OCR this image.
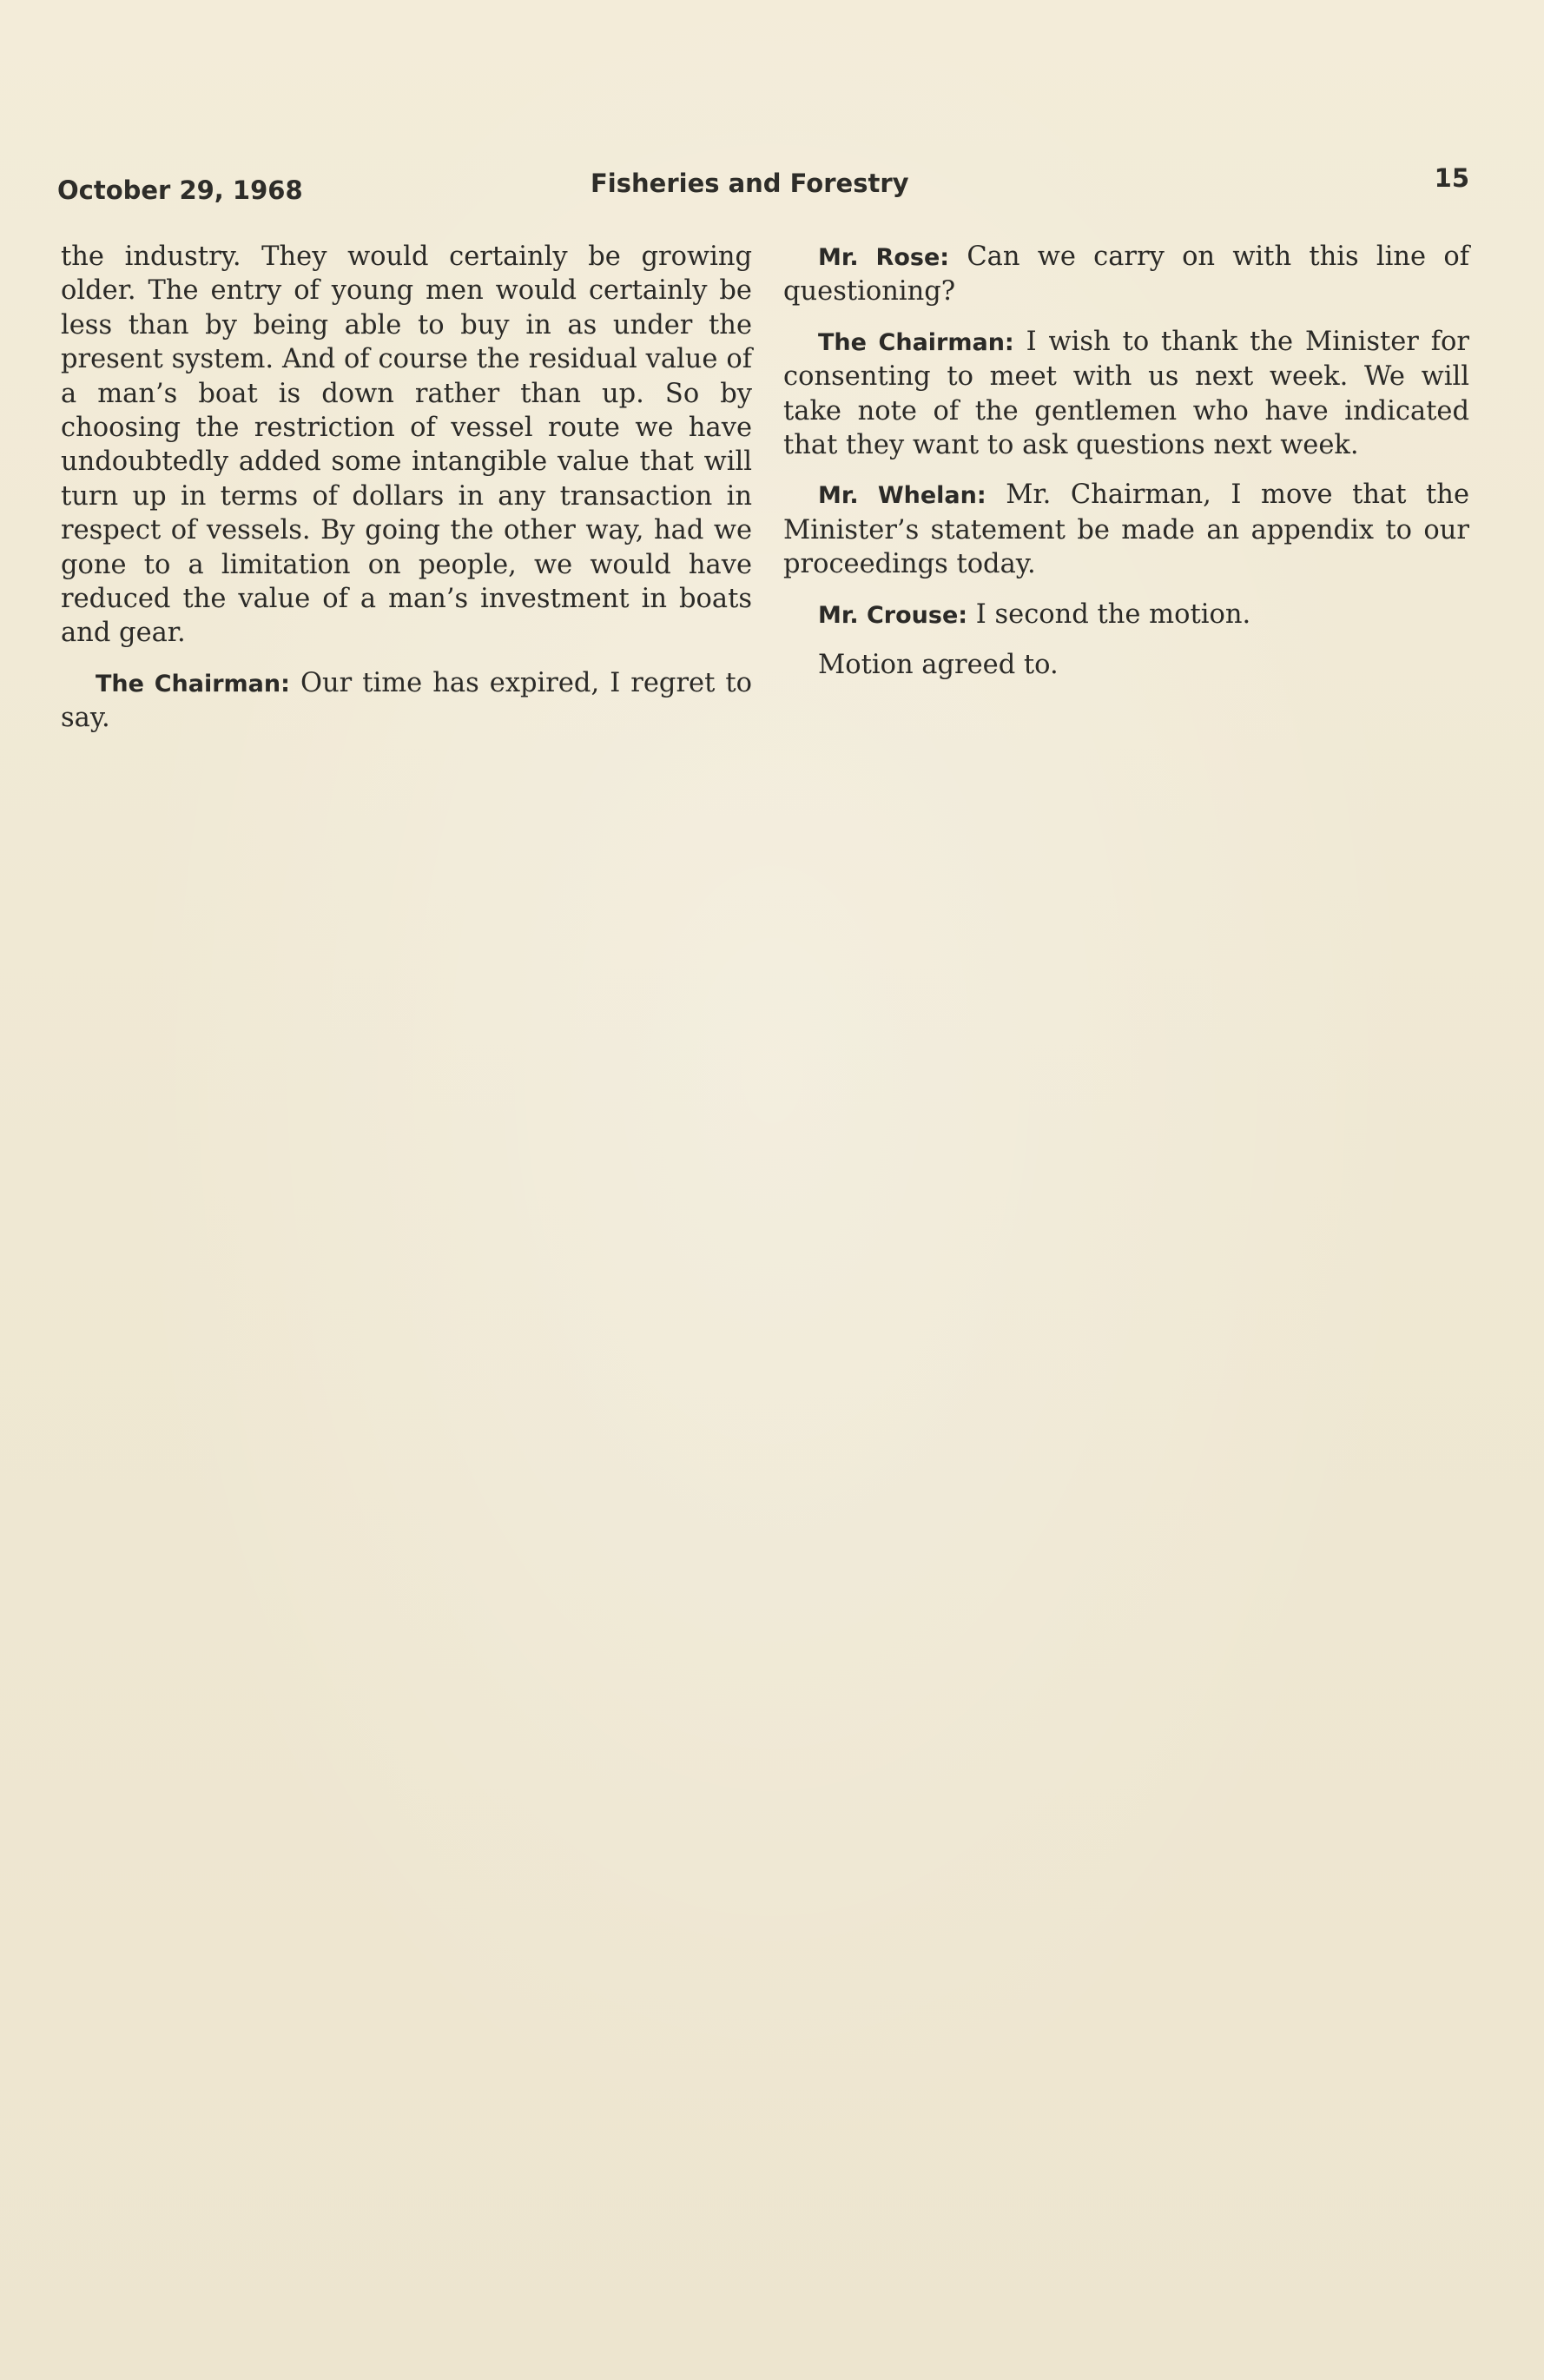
October 29, 1968	Fisheries and Forestry	15

the industry. They would certainly be growing older. The entry of young men would certainly be less than by being able to buy in as under the present system. And of course the residual value of a man’s boat is down rather than up. So by choosing the restriction of vessel route we have undoubtedly added some intangible value that will turn up in terms of dollars in any transaction in respect of vessels. By going the other way, had we gone to a limitation on people, we would have reduced the value of a man’s investment in boats and gear.

The Chairman: Our time has expired, I regret to say.

Mr. Rose: Can we carry on with this line of questioning?

The Chairman: I wish to thank the Minister for consenting to meet with us next week. We will take note of the gentlemen who have indicated that they want to ask questions next week.

Mr. Whelan: Mr. Chairman, I move that the Minister’s statement be made an appendix to our proceedings today.

Mr. Crouse: I second the motion.

Motion agreed to.
